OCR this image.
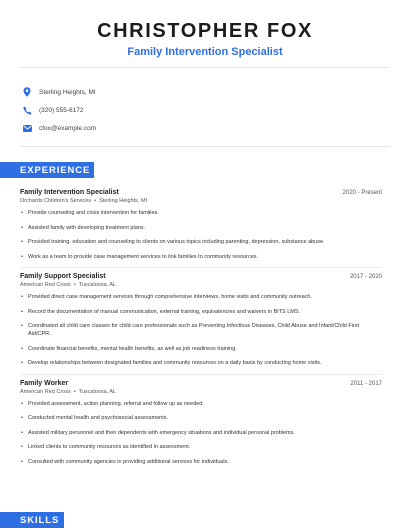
CHRISTOPHER FOX
Family Intervention Specialist
Sterling Heights, MI
(320) 555-6172
cfox@example.com
EXPERIENCE
Family Intervention Specialist	2020 - Present
Orchards Children's Services  •  Sterling Heights, MI
• Provide counseling and crisis intervention for families.
• Assisted family with developing treatment plans.
• Provided training, education and counseling to clients on various topics including parenting, depression, substance abuse.
• Work as a team to provide case management services to link families to community resources.
Family Support Specialist	2017 - 2020
American Red Cross  •  Tuscaloosa, AL
• Provided direct case management services through comprehensive interviews, home visits and community outreach.
• Record the documentation of manual communication, external training, equivalencies and waivers in BITS LMS.
• Coordinated all child care classes for child care professionals such as Preventing Infectious Diseases, Child Abuse and Infant/Child First Aid/CPR.
• Coordinate financial benefits, mental health benefits, as well as job readiness training.
• Develop relationships between designated families and community resources on a daily basis by conducting home visits.
Family Worker	2011 - 2017
American Red Cross  •  Tuscaloosa, AL
• Provided assessment, action planning, referral and follow up as needed.
• Conducted mental health and psychosocial assessments.
• Assisted military personnel and their dependents with emergency situations and individual personal problems.
• Linked clients to community resources as identified in assessment.
• Consulted with community agencies in providing additional services for individuals.
SKILLS
